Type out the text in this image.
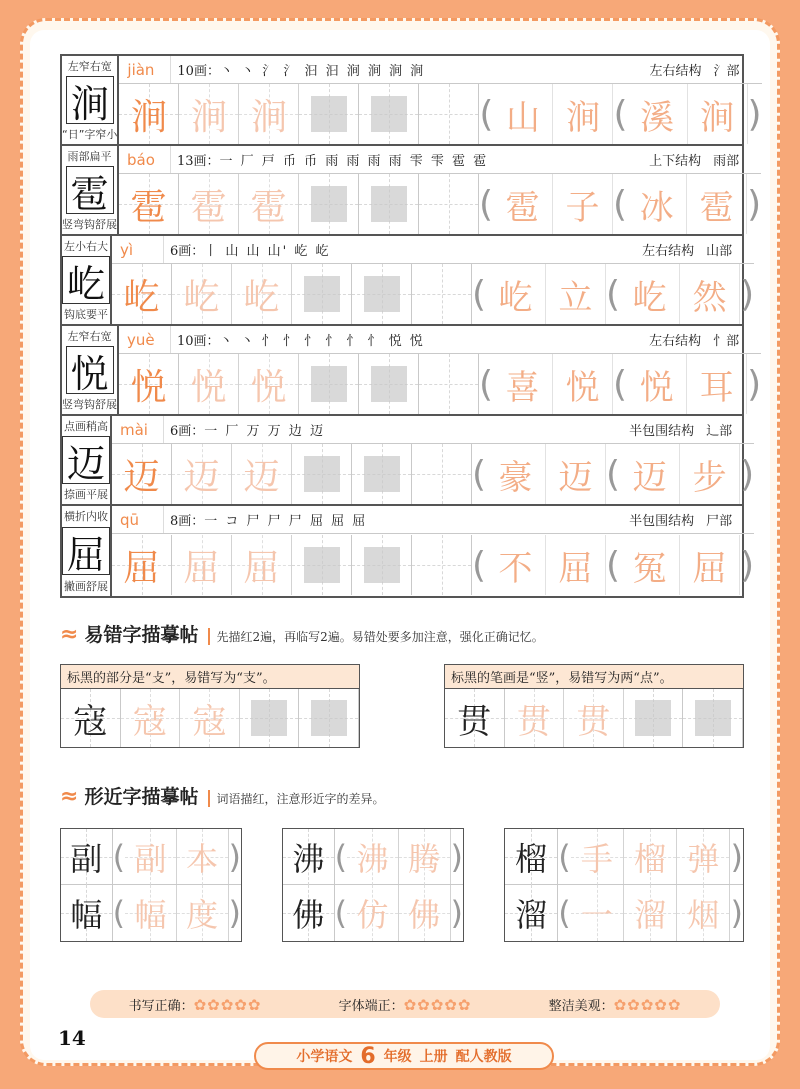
左窄右宽
涧
“日”字窄小
jiàn	10画：丶 丶 氵 氵 汩 汩 涧 涧 涧 涧	左右结构 氵部
涧 涧 涧	( 山 涧 ( 溪 涧 )
雨部扁平
雹
竖弯钩舒展
báo	13画：一 厂 戸 币 币 雨 雨 雨 雨 雫 雫 雹 雹	上下结构 雨部
雹 雹 雹	( 雹 子 ( 冰 雹 )
左小右大
屹
钩底要平
yì	6画：丨 山 山 山' 屹 屹	左右结构 山部
屹 屹 屹	( 屹 立 ( 屹 然 )
左窄右宽
悦
竖弯钩舒展
yuè	10画：丶 丶 忄 忄 忄 忄 忄 忄 悦 悦	左右结构 忄部
悦 悦 悦	( 喜 悦 ( 悦 耳 )
点画稍高
迈
捺画平展
mài	6画：一 厂 万 万 边 迈	半包围结构 辶部
迈 迈 迈	( 豪 迈 ( 迈 步 )
横折内收
屈
撇画舒展
qū	8画：一 コ 尸 尸 尸 屈 屈 屈	半包围结构 尸部
屈 屈 屈	( 不 屈 ( 冤 屈 )
≈ 易错字描摹帖	先描红2遍，再临写2遍。易错处要多加注意，强化正确记忆。
标黑的部分是“攴”，易错写为“支”。
寇 寇 寇
标黑的笔画是“竖”，易错写为两“点”。
贯 贯 贯
≈ 形近字描摹帖	词语描红，注意形近字的差异。
副 ( 副 本 )
幅 ( 幅 度 )
沸 ( 沸 腾 )
佛 ( 仿 佛 )
榴 ( 手 榴 弹 )
溜 ( 一 溜 烟 )
书写正确：✿✿✿✿✿	字体端正：✿✿✿✿✿	整洁美观：✿✿✿✿✿
14
小学语文 6 年级 上册 配人教版
